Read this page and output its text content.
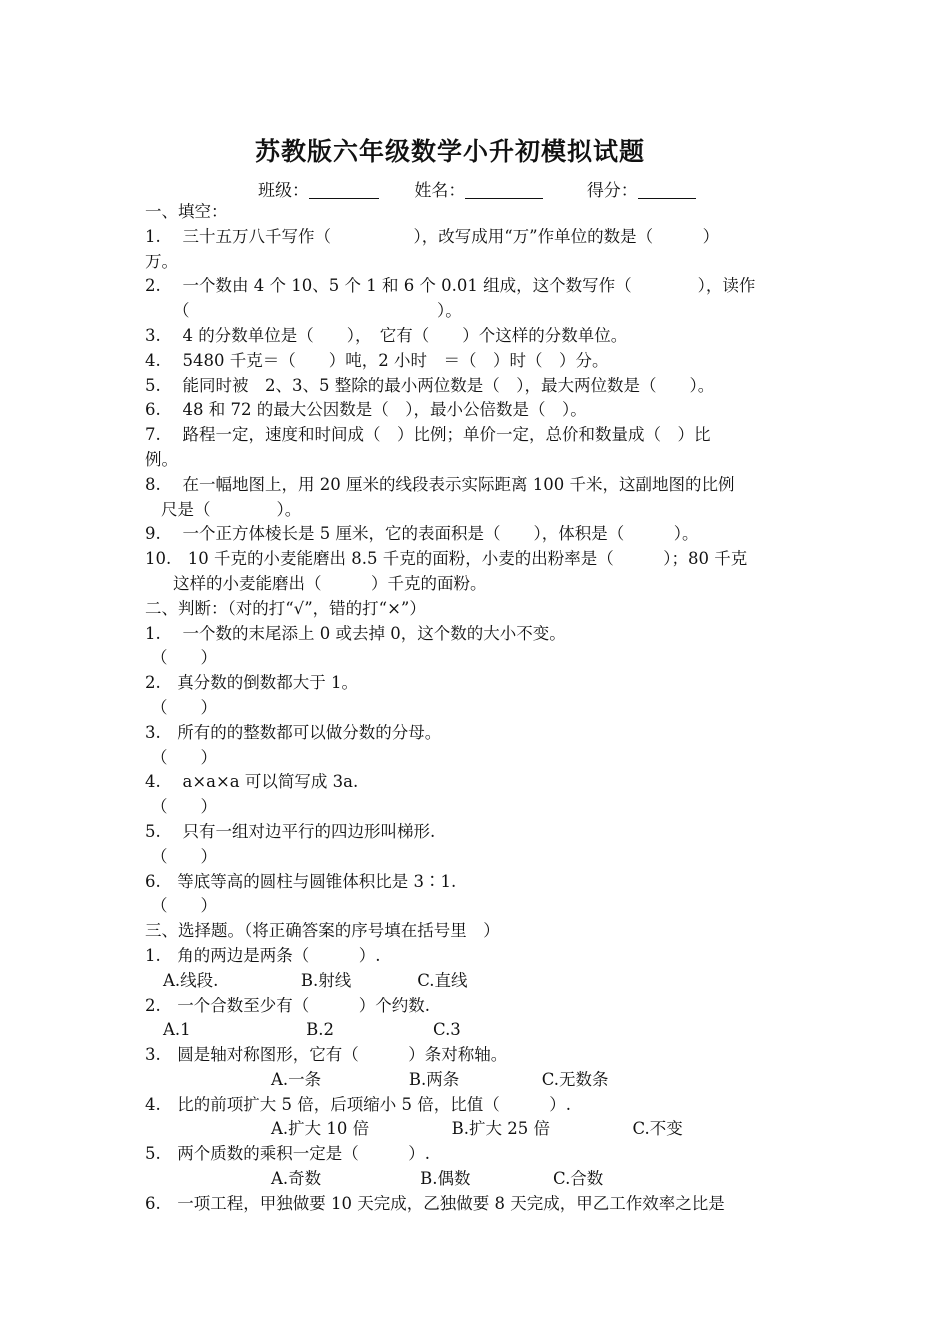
苏教版六年级数学小升初模拟试题
班级：	姓名：	得分：
一、填空：
1.　 三十五万八千写作（　　　　　），改写成用“万”作单位的数是（　　　）
万。
2.　 一个数由 4 个 10、5 个 1 和 6 个 0.01 组成，这个数写作（　　　　），读作
（　　　　　　　　　　　　　　　）。
3.　 4 的分数单位是（　　），　它有（　　）个这样的分数单位。
4.　 5480 千克＝（　　）吨，2 小时　＝（　）时（　）分。
5.　 能同时被　2、3、5 整除的最小两位数是（　），最大两位数是（　　）。
6.　 48 和 72 的最大公因数是（　），最小公倍数是（　）。
7.　 路程一定，速度和时间成（　）比例；单价一定，总价和数量成（　）比
例。
8.　 在一幅地图上，用 20 厘米的线段表示实际距离 100 千米，这副地图的比例
尺是（　　　　）。
9.　 一个正方体棱长是 5 厘米，它的表面积是（　　），体积是（　　　）。
10.　10 千克的小麦能磨出 8.5 千克的面粉，小麦的出粉率是（　　　）；80 千克
这样的小麦能磨出（　　　）千克的面粉。
二、判断：（对的打“√”，错的打“×”）
1.　 一个数的末尾添上 0 或去掉 0，这个数的大小不变。
（　　）
2.　真分数的倒数都大于 1。
（　　）
3.　所有的的整数都可以做分数的分母。
（　　）
4.　 a×a×a 可以简写成 3a.
（　　）
5.　 只有一组对边平行的四边形叫梯形.
（　　）
6.　等底等高的圆柱与圆锥体积比是 3∶1.
（　　）
三、选择题。（将正确答案的序号填在括号里　）
1.　角的两边是两条（　　　）.
A.线段.　　　　　B.射线　　　　C.直线
2.　一个合数至少有（　　　）个约数.
A.1　　　　　　　B.2　　　　　　C.3
3.　圆是轴对称图形，它有（　　　）条对称轴。
A.一条　　　　　 B.两条　　　　　C.无数条
4.　比的前项扩大 5 倍，后项缩小 5 倍，比值（　　　）.
A.扩大 10 倍　　　　　B.扩大 25 倍　　　　　C.不变
5.　两个质数的乘积一定是（　　　）.
A.奇数　　　　　　B.偶数　　　　　C.合数
6.　一项工程，甲独做要 10 天完成，乙独做要 8 天完成，甲乙工作效率之比是
